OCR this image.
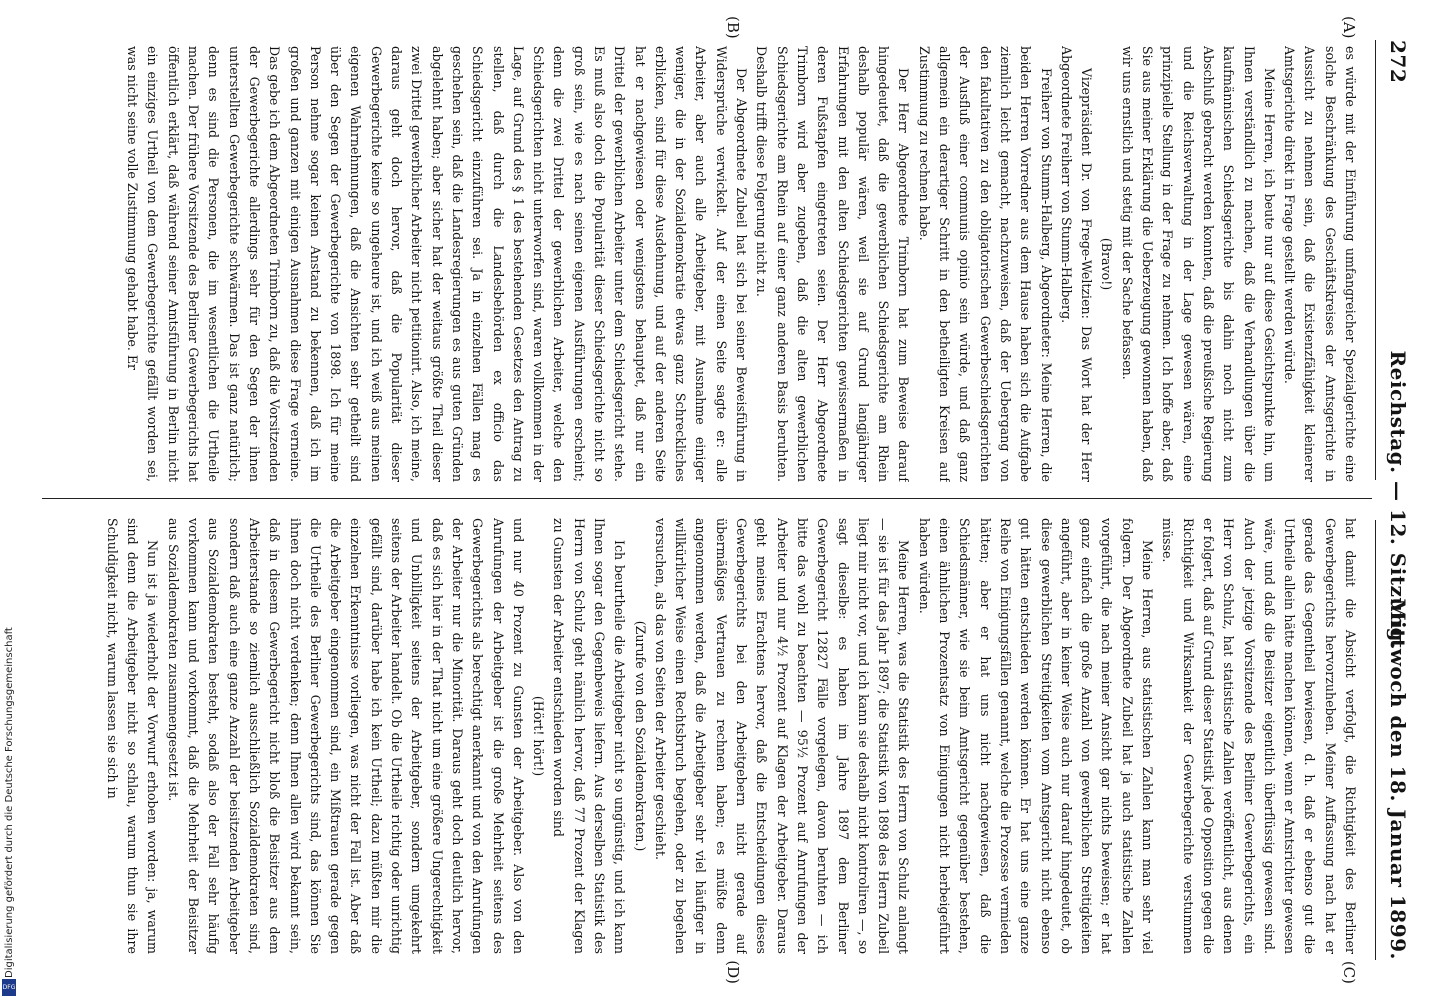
272
Reichstag. — 12. Sitzung.
Mittwoch den 18. Januar 1899.
(A)
(B)
(C)
(D)

es würde mit der Einführung umfangreicher Spezialgerichte eine solche Beschränkung des Geschäftskreises der Amtsgerichte in Aussicht zu nehmen sein, daß die Existenzfähigkeit kleinerer Amtsgerichte direkt in Frage gestellt werden würde.

Meine Herren, ich beute nur auf diese Gesichtspunkte hin, um Ihnen verständlich zu machen, daß die Verhandlungen über die kaufmännischen Schiedsgerichte bis dahin noch nicht zum Abschluß gebracht werden konnten, daß die preußische Regierung und die Reichsverwaltung in der Lage gewesen wären, eine prinzipielle Stellung in der Frage zu nehmen. Ich hoffe aber, daß Sie aus meiner Erklärung die Ueberzeugung gewonnen haben, daß wir uns ernstlich und stetig mit der Sache befassen.

(Bravo!)

Vizepräsident Dr. von Frege-Weltzien: Das Wort hat der Herr Abgeordnete Freiherr von Stumm-Halberg.

Freiherr von Stumm-Halberg, Abgeordneter: Meine Herren, die beiden Herren Vorredner aus dem Hause haben sich die Aufgabe ziemlich leicht gemacht, nachzuweisen, daß der Uebergang von den fakultativen zu den obligatorischen Gewerbeschiedsgerichten der Ausfluß einer communis opinio sein würde, und daß ganz allgemein ein derartiger Schritt in den betheiligten Kreisen auf Zustimmung zu rechnen habe.

Der Herr Abgeordnete Trimborn hat zum Beweise darauf hingedeutet, daß die gewerblichen Schiedsgerichte am Rhein deshalb populär wären, weil sie auf Grund langjähriger Erfahrungen mit den alten Schiedsgerichten gewissermaßen in deren Fußstapfen eingetreten seien. Der Herr Abgeordnete Trimborn wird aber zugeben, daß die alten gewerblichen Schiedsgerichte am Rhein auf einer ganz anderen Basis beruhten. Deshalb trifft diese Folgerung nicht zu.

Der Abgeordnete Zubeil hat sich bei seiner Beweisführung in Widersprüche verwickelt. Auf der einen Seite sagte er: alle Arbeiter, aber auch alle Arbeitgeber, mit Ausnahme einiger weniger, die in der Sozialdemokratie etwas ganz Schreckliches erblicken, sind für diese Ausdehnung, und auf der anderen Seite hat er nachgewiesen oder wenigstens behauptet, daß nur ein Drittel der gewerblichen Arbeiter unter dem Schiedsgericht stehe. Es muß also doch die Popularität dieser Schiedsgerichte nicht so groß sein, wie es nach seinen eigenen Ausführungen erscheint; denn die zwei Drittel der gewerblichen Arbeiter, welche den Schiedsgerichten nicht unterworfen sind, waren vollkommen in der Lage, auf Grund des § 1 des bestehenden Gesetzes den Antrag zu stellen, daß durch die Landesbehörden ex officio das Schiedsgericht einzuführen sei. Ja in einzelnen Fällen mag es geschehen sein, daß die Landesregierungen es aus guten Gründen abgelehnt haben; aber sicher hat der weitaus größte Theil dieser zwei Drittel gewerblicher Arbeiter nicht petitionirt. Also, ich meine, daraus geht doch hervor, daß die Popularität dieser Gewerbegerichte keine so ungeheure ist, und ich weiß aus meinen eigenen Wahrnehmungen, daß die Ansichten sehr getheilt sind über den Segen der Gewerbegerichte von 1898. Ich für meine Person nehme sogar keinen Anstand zu bekennen, daß ich im großen und ganzen mit einigen Ausnahmen diese Frage verneine. Das gebe ich dem Abgeordneten Trimborn zu, daß die Vorsitzenden der Gewerbegerichte allerdings sehr für den Segen der ihnen unterstellten Gewerbegerichte schwärmen. Das ist ganz natürlich; denn es sind die Personen, die im wesentlichen die Urtheile machen. Der frühere Vorsitzende des Berliner Gewerbegerichts hat öffentlich erklärt, daß während seiner Amtsführung in Berlin nicht ein einziges Urtheil von dem Gewerbegerichte gefällt worden sei, was nicht seine volle Zustimmung gehabt habe. Er

hat damit die Absicht verfolgt, die Richtigkeit des Berliner Gewerbegerichts hervorzuheben. Meiner Auffassung nach hat er gerade das Gegentheil bewiesen, d. h. daß er ebenso gut die Urtheile allein hätte machen können, wenn er Amtsrichter gewesen wäre, und daß die Beisitzer eigentlich überflüssig gewesen sind. Auch der jetzige Vorsitzende des Berliner Gewerbegerichts, ein Herr von Schulz, hat statistische Zahlen veröffentlicht, aus denen er folgert, daß auf Grund dieser Statistik jede Opposition gegen die Richtigkeit und Wirksamkeit der Gewerbegerichte verstummen müsse.

Meine Herren, aus statistischen Zahlen kann man sehr viel folgern. Der Abgeordnete Zubeil hat ja auch statistische Zahlen vorgeführt, die nach meiner Ansicht gar nichts beweisen; er hat ganz einfach die große Anzahl von gewerblichen Streitigkeiten angeführt, aber in keiner Weise auch nur darauf hingedeutet, ob diese gewerblichen Streitigkeiten vom Amtsgericht nicht ebenso gut hätten entschieden werden können. Er hat uns eine ganze Reihe von Einigungsfällen genannt, welche die Prozesse vermieden hätten; aber er hat uns nicht nachgewiesen, daß die Schiedsmänner, wie sie beim Amtsgericht gegenüber bestehen, einen ähnlichen Prozentsatz von Einigungen nicht herbeigeführt haben würden.

Meine Herren, was die Statistik des Herrn von Schulz anlangt — sie ist für das Jahr 1897; die Statistik von 1898 des Herrn Zubeil liegt mir nicht vor, und ich kann sie deshalb nicht kontroliren —, so sagt dieselbe: es haben im Jahre 1897 dem Berliner Gewerbegericht 12827 Fälle vorgelegen, davon beruhten — ich bitte das wohl zu beachten — 95½ Prozent auf Anrufungen der Arbeiter und nur 4½ Prozent auf Klagen der Arbeitgeber. Daraus geht meines Erachtens hervor, daß die Entscheidungen dieses Gewerbegerichts bei den Arbeitgebern nicht gerade auf übermäßiges Vertrauen zu rechnen haben; es müßte denn angenommen werden, daß die Arbeitgeber sehr viel häufiger in willkürlicher Weise einen Rechtsbruch begehen, oder zu begehen versuchen, als das von Seiten der Arbeiter geschieht.

(Zurufe von den Sozialdemokraten.)

Ich beurtheile die Arbeitgeber nicht so ungünstig, und ich kann Ihnen sogar den Gegenbeweis liefern. Aus derselben Statistik des Herrn von Schulz geht nämlich hervor, daß 77 Prozent der Klagen zu Gunsten der Arbeiter entschieden worden sind

(Hört! hört!)

und nur 40 Prozent zu Gunsten der Arbeitgeber. Also von den Anrufungen der Arbeitgeber ist die große Mehrheit seitens des Gewerbegerichts als berechtigt anerkannt und von den Anrufungen der Arbeiter nur die Minorität. Daraus geht doch deutlich hervor, daß es sich hier in der That nicht um eine größere Ungerechtigkeit und Unbilligkeit seitens der Arbeitgeber, sondern umgekehrt seitens der Arbeiter handelt. Ob die Urtheile richtig oder unrichtig gefällt sind, darüber habe ich kein Urtheil; dazu müßten mir die einzelnen Erkenntnisse vorliegen, was nicht der Fall ist. Aber daß die Arbeitgeber eingenommen sind, ein Mißtrauen gerade gegen die Urtheile des Berliner Gewerbegerichts sind, das können Sie ihnen doch nicht verdenken; denn Ihnen allen wird bekannt sein, daß in diesem Gewerbegericht nicht bloß die Beisitzer aus dem Arbeiterstande so ziemlich ausschließlich Sozialdemokraten sind, sondern daß auch eine ganze Anzahl der beisitzenden Arbeitgeber aus Sozialdemokraten besteht, sodaß also der Fall sehr häufig vorkommen kann und vorkommt, daß die Mehrheit der Beisitzer aus Sozialdemokraten zusammengesetzt ist.

Nun ist ja wiederholt der Vorwurf erhoben worden: ja, warum sind denn die Arbeitgeber nicht so schlau, warum thun sie ihre Schuldigkeit nicht, warum lassen sie sich in

Digitalisierung gefördert durch die Deutsche Forschungsgemeinschaft
DFG
